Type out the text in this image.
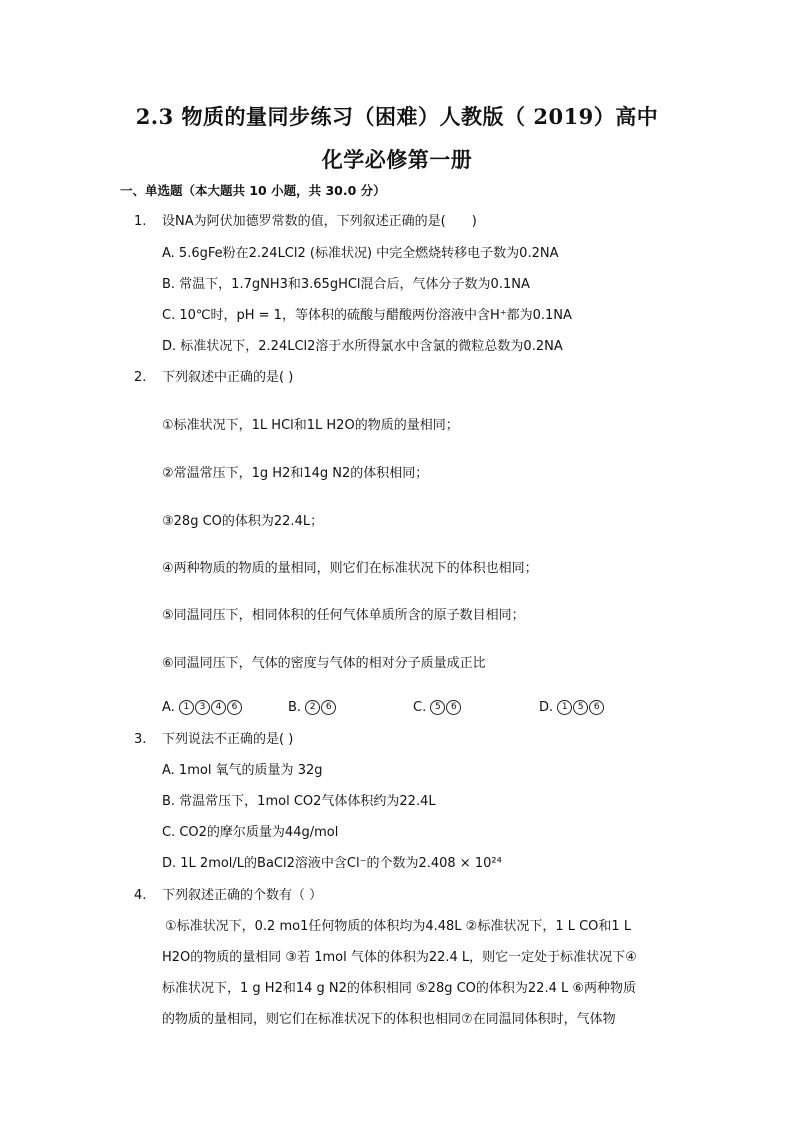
2.3 物质的量同步练习（困难）人教版（ 2019）高中
化学必修第一册
一、单选题（本大题共 10 小题，共 30.0 分）
1. 设NA为阿伏加德罗常数的值，下列叙述正确的是(　　)
A. 5.6gFe粉在2.24LCl2 (标准状况) 中完全燃烧转移电子数为0.2NA
B. 常温下，1.7gNH3和3.65gHCl混合后，气体分子数为0.1NA
C. 10℃时，pH = 1，等体积的硫酸与醋酸两份溶液中含H⁺都为0.1NA
D. 标准状况下，2.24LCl2溶于水所得氯水中含氯的微粒总数为0.2NA
2. 下列叙述中正确的是( )
①标准状况下，1L HCl和1L H2O的物质的量相同；
②常温常压下，1g H2和14g N2的体积相同；
③28g CO的体积为22.4L；
④两种物质的物质的量相同，则它们在标准状况下的体积也相同；
⑤同温同压下，相同体积的任何气体单质所含的原子数目相同；
⑥同温同压下，气体的密度与气体的相对分子质量成正比
A. 1 3 4 6	B. 2 6	C. 5 6	D. 1 5 6
3. 下列说法不正确的是( )
A. 1mol 氧气的质量为 32g
B. 常温常压下，1mol CO2气体体积约为22.4L
C. CO2的摩尔质量为44g/mol
D. 1L 2mol/L的BaCl2溶液中含Cl⁻的个数为2.408 × 10²⁴
4. 下列叙述正确的个数有（ ）
①标准状况下，0.2 mo1任何物质的体积均为4.48L ②标准状况下，1 L CO和1 L
H2O的物质的量相同 ③若 1mol 气体的体积为22.4 L，则它一定处于标准状况下④
标准状况下，1 g H2和14 g N2的体积相同 ⑤28g CO的体积为22.4 L ⑥两种物质
的物质的量相同，则它们在标准状况下的体积也相同⑦在同温同体积时，气体物
